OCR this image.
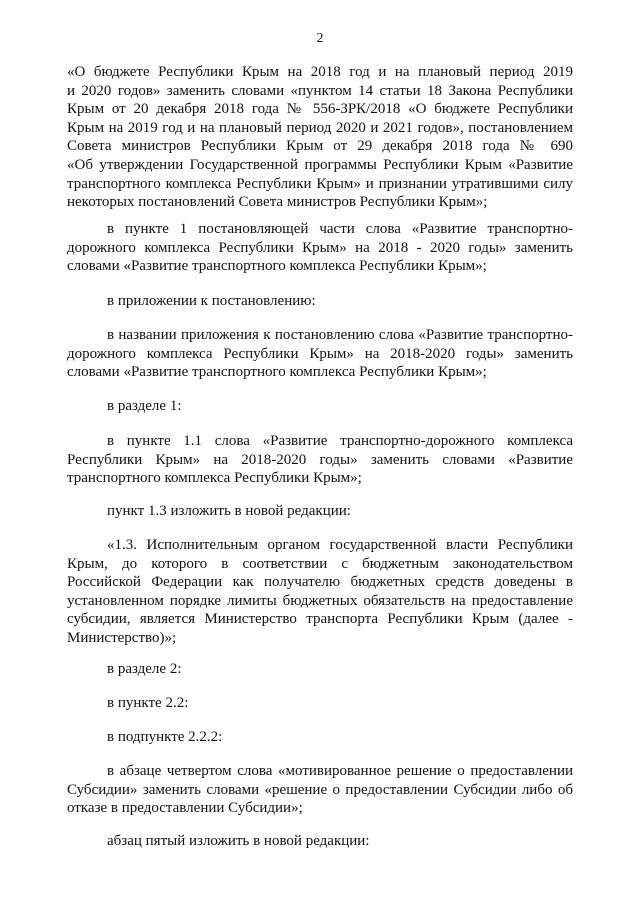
2
«О бюджете Республики Крым на 2018 год и на плановый период 2019
и 2020 годов» заменить словами «пунктом 14 статьи 18 Закона Республики
Крым от 20 декабря 2018 года № 556-ЗРК/2018 «О бюджете Республики
Крым на 2019 год и на плановый период 2020 и 2021 годов», постановлением
Совета министров Республики Крым от 29 декабря 2018 года № 690
«Об утверждении Государственной программы Республики Крым «Развитие
транспортного комплекса Республики Крым» и признании утратившими силу
некоторых постановлений Совета министров Республики Крым»;
в пункте 1 постановляющей части слова «Развитие транспортно-
дорожного комплекса Республики Крым» на 2018 - 2020 годы» заменить
словами «Развитие транспортного комплекса Республики Крым»;
в приложении к постановлению:
в названии приложения к постановлению слова «Развитие транспортно-
дорожного комплекса Республики Крым» на 2018-2020 годы» заменить
словами «Развитие транспортного комплекса Республики Крым»;
в разделе 1:
в пункте 1.1 слова «Развитие транспортно-дорожного комплекса
Республики Крым» на 2018-2020 годы» заменить словами «Развитие
транспортного комплекса Республики Крым»;
пункт 1.3 изложить в новой редакции:
«1.3. Исполнительным органом государственной власти Республики
Крым, до которого в соответствии с бюджетным законодательством
Российской Федерации как получателю бюджетных средств доведены в
установленном порядке лимиты бюджетных обязательств на предоставление
субсидии, является Министерство транспорта Республики Крым (далее -
Министерство)»;
в разделе 2:
в пункте 2.2:
в подпункте 2.2.2:
в абзаце четвертом слова «мотивированное решение о предоставлении
Субсидии» заменить словами «решение о предоставлении Субсидии либо об
отказе в предоставлении Субсидии»;
абзац пятый изложить в новой редакции:
